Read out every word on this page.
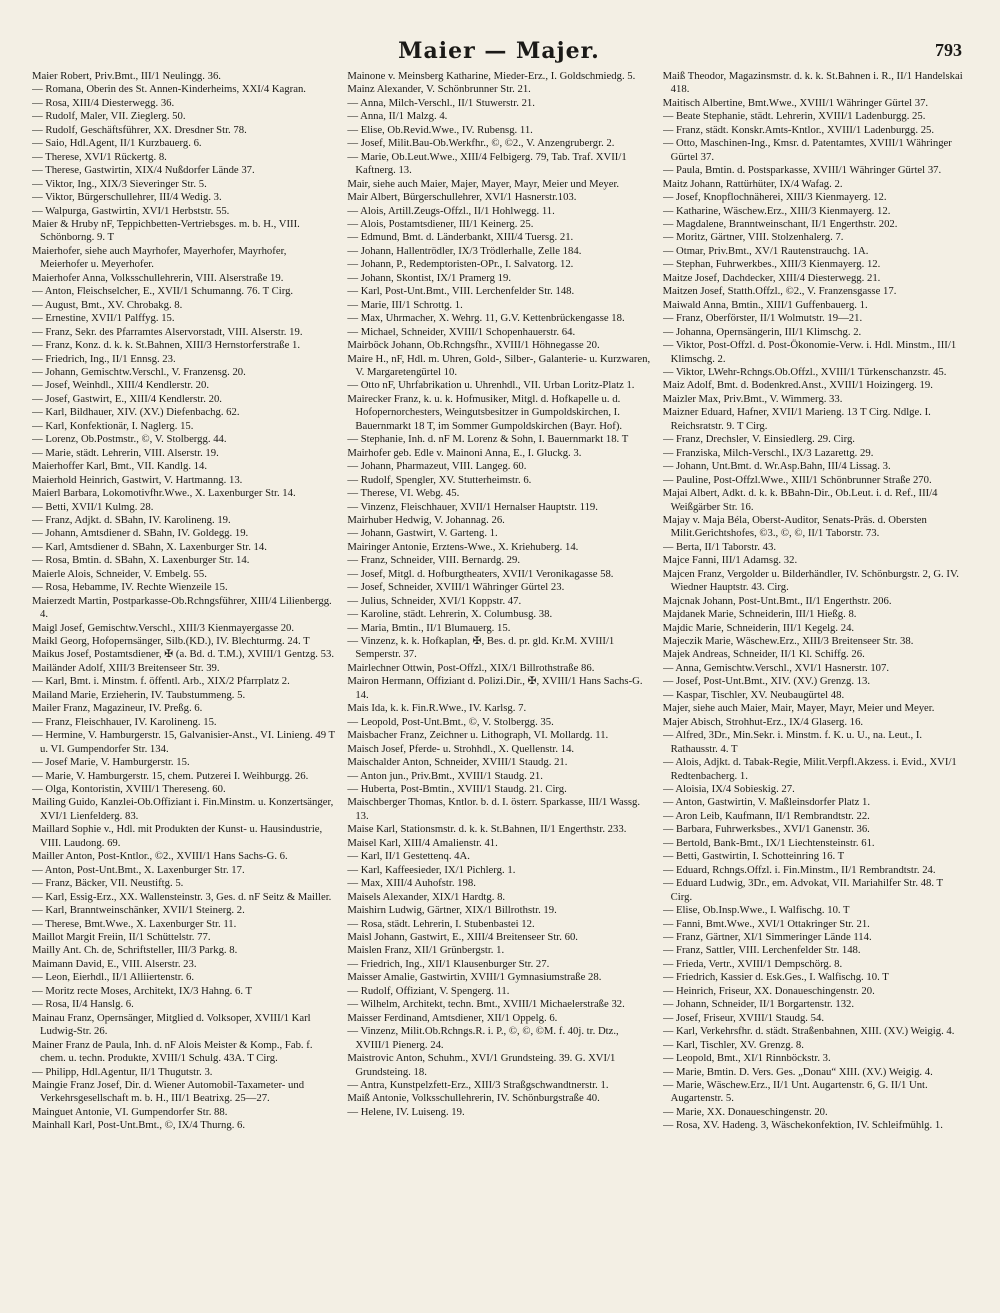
Maier — Majer.	793

Maier Robert, Priv.Bmt., III/1 Neulingg. 36.

— Romana, Oberin des St. Annen-Kinderheims, XXI/4 Kagran.

— Rosa, XIII/4 Diesterwegg. 36.

— Rudolf, Maler, VII. Zieglerg. 50.

— Rudolf, Geschäftsführer, XX. Dresdner Str. 78.

— Saio, Hdl.Agent, II/1 Kurzbauerg. 6.

— Therese, XVI/1 Rückertg. 8.

— Therese, Gastwirtin, XIX/4 Nußdorfer Lände 37.

— Viktor, Ing., XIX/3 Sieveringer Str. 5.

— Viktor, Bürgerschullehrer, III/4 Wedig. 3.

— Walpurga, Gastwirtin, XVI/1 Herbststr. 55.

Maier & Hruby nF, Teppichbetten-Vertriebsges. m. b. H., VIII. Schönborng. 9. T

Maierhofer, siehe auch Mayrhofer, Mayerhofer, Mayrhofer, Meierhofer u. Meyerhofer.

Maierhofer Anna, Volksschullehrerin, VIII. Alserstraße 19.

— Anton, Fleischselcher, E., XVII/1 Schumanng. 76. T Cirg.

— August, Bmt., XV. Chrobakg. 8.

— Ernestine, XVII/1 Palffyg. 15.

— Franz, Sekr. des Pfarramtes Alservorstadt, VIII. Alserstr. 19.

— Franz, Konz. d. k. k. St.Bahnen, XIII/3 Hernstorferstraße 1.

— Friedrich, Ing., II/1 Ennsg. 23.

— Johann, Gemischtw.Verschl., V. Franzensg. 20.

— Josef, Weinhdl., XIII/4 Kendlerstr. 20.

— Josef, Gastwirt, E., XIII/4 Kendlerstr. 20.

— Karl, Bildhauer, XIV. (XV.) Diefenbachg. 62.

— Karl, Konfektionär, I. Naglerg. 15.

— Lorenz, Ob.Postmstr., ©, V. Stolbergg. 44.

— Marie, städt. Lehrerin, VIII. Alserstr. 19.

Maierhoffer Karl, Bmt., VII. Kandlg. 14.

Maierhold Heinrich, Gastwirt, V. Hartmanng. 13.

Maierl Barbara, Lokomotivfhr.Wwe., X. Laxenburger Str. 14.

— Betti, XVII/1 Kulmg. 28.

— Franz, Adjkt. d. SBahn, IV. Karolineng. 19.

— Johann, Amtsdiener d. SBahn, IV. Goldegg. 19.

— Karl, Amtsdiener d. SBahn, X. Laxenburger Str. 14.

— Rosa, Bmtin. d. SBahn, X. Laxenburger Str. 14.

Maierle Alois, Schneider, V. Embelg. 55.

— Rosa, Hebamme, IV. Rechte Wienzeile 15.

Maierzedt Martin, Postparkasse-Ob.Rchngsführer, XIII/4 Lilienbergg. 4.

Maigl Josef, Gemischtw.Verschl., XIII/3 Kienmayergasse 20.

Maikl Georg, Hofopernsänger, Silb.(KD.), IV. Blechturmg. 24. T

Maikus Josef, Postamtsdiener, ✠ (a. Bd. d. T.M.), XVIII/1 Gentzg. 53.

Mailänder Adolf, XIII/3 Breitenseer Str. 39.

— Karl, Bmt. i. Minstm. f. öffentl. Arb., XIX/2 Pfarrplatz 2.

Mailand Marie, Erzieherin, IV. Taubstummeng. 5.

Mailer Franz, Magazineur, IV. Preßg. 6.

— Franz, Fleischhauer, IV. Karolineng. 15.

— Hermine, V. Hamburgerstr. 15, Galvanisier-Anst., VI. Linieng. 49 T u. VI. Gumpendorfer Str. 134.

— Josef Marie, V. Hamburgerstr. 15.

— Marie, V. Hamburgerstr. 15, chem. Putzerei I. Weihburgg. 26.

— Olga, Kontoristin, XVIII/1 Thereseng. 60.

Mailing Guido, Kanzlei-Ob.Offiziant i. Fin.Minstm. u. Konzertsänger, XVI/1 Lienfelderg. 83.

Maillard Sophie v., Hdl. mit Produkten der Kunst- u. Hausindustrie, VIII. Laudong. 69.

Mailler Anton, Post-Kntlor., ©2., XVIII/1 Hans Sachs-G. 6.

— Anton, Post-Unt.Bmt., X. Laxenburger Str. 17.

— Franz, Bäcker, VII. Neustiftg. 5.

— Karl, Essig-Erz., XX. Wallensteinstr. 3, Ges. d. nF Seitz & Mailler.

— Karl, Branntweinschänker, XVII/1 Steinerg. 2.

— Therese, Bmt.Wwe., X. Laxenburger Str. 11.

Maillot Margit Freiin, II/1 Schüttelstr. 77.

Mailly Ant. Ch. de, Schriftsteller, III/3 Parkg. 8.

Maimann David, E., VIII. Alserstr. 23.

— Leon, Eierhdl., II/1 Alliiertenstr. 6.

— Moritz recte Moses, Architekt, IX/3 Hahng. 6. T

— Rosa, II/4 Hanslg. 6.

Mainau Franz, Opernsänger, Mitglied d. Volksoper, XVIII/1 Karl Ludwig-Str. 26.

Mainer Franz de Paula, Inh. d. nF Alois Meister & Komp., Fab. f. chem. u. techn. Produkte, XVIII/1 Schulg. 43A. T Cirg.

— Philipp, Hdl.Agentur, II/1 Thugutstr. 3.

Maingie Franz Josef, Dir. d. Wiener Automobil-Taxameter- und Verkehrsgesellschaft m. b. H., III/1 Beatrixg. 25—27.

Mainguet Antonie, VI. Gumpendorfer Str. 88.

Mainhall Karl, Post-Unt.Bmt., ©, IX/4 Thurng. 6.

Mainone v. Meinsberg Katharine, Mieder-Erz., I. Goldschmiedg. 5.

Mainz Alexander, V. Schönbrunner Str. 21.

— Anna, Milch-Verschl., II/1 Stuwerstr. 21.

— Anna, II/1 Malzg. 4.

— Elise, Ob.Revid.Wwe., IV. Rubensg. 11.

— Josef, Milit.Bau-Ob.Werkfhr., ©, ©2., V. Anzengrubergr. 2.

— Marie, Ob.Leut.Wwe., XIII/4 Felbigerg. 79, Tab. Traf. XVII/1 Kaftnerg. 13.

Mair, siehe auch Maier, Majer, Mayer, Mayr, Meier und Meyer.

Mair Albert, Bürgerschullehrer, XVI/1 Hasnerstr.103.

— Alois, Artill.Zeugs-Offzl., II/1 Hohlwegg. 11.

— Alois, Postamtsdiener, III/1 Keinerg. 25.

— Edmund, Bmt. d. Länderbankt, XIII/4 Tuersg. 21.

— Johann, Hallentrödler, IX/3 Trödlerhalle, Zelle 184.

— Johann, P., Redemptoristen-OPr., I. Salvatorg. 12.

— Johann, Skontist, IX/1 Pramerg 19.

— Karl, Post-Unt.Bmt., VIII. Lerchenfelder Str. 148.

— Marie, III/1 Schrottg. 1.

— Max, Uhrmacher, X. Wehrg. 11, G.V. Kettenbrückengasse 18.

— Michael, Schneider, XVIII/1 Schopenhauerstr. 64.

Mairböck Johann, Ob.Rchngsfhr., XVIII/1 Höhnegasse 20.

Maire H., nF, Hdl. m. Uhren, Gold-, Silber-, Galanterie- u. Kurzwaren, V. Margaretengürtel 10.

— Otto nF, Uhrfabrikation u. Uhrenhdl., VII. Urban Loritz-Platz 1.

Mairecker Franz, k. u. k. Hofmusiker, Mitgl. d. Hofkapelle u. d. Hofopernorchesters, Weingutsbesitzer in Gumpoldskirchen, I. Bauernmarkt 18 T, im Sommer Gumpoldskirchen (Bayr. Hof).

— Stephanie, Inh. d. nF M. Lorenz & Sohn, I. Bauernmarkt 18. T

Mairhofer geb. Edle v. Mainoni Anna, E., I. Gluckg. 3.

— Johann, Pharmazeut, VIII. Langeg. 60.

— Rudolf, Spengler, XV. Stutterheimstr. 6.

— Therese, VI. Webg. 45.

— Vinzenz, Fleischhauer, XVII/1 Hernalser Hauptstr. 119.

Mairhuber Hedwig, V. Johannag. 26.

— Johann, Gastwirt, V. Garteng. 1.

Mairinger Antonie, Erztens-Wwe., X. Kriehuberg. 14.

— Franz, Schneider, VIII. Bernardg. 29.

— Josef, Mitgl. d. Hofburgtheaters, XVII/1 Veronikagasse 58.

— Josef, Schneider, XVIII/1 Währinger Gürtel 23.

— Julius, Schneider, XVI/1 Koppstr. 47.

— Karoline, städt. Lehrerin, X. Columbusg. 38.

— Maria, Bmtin., II/1 Blumauerg. 15.

— Vinzenz, k. k. Hofkaplan, ✠, Bes. d. pr. gld. Kr.M. XVIII/1 Semperstr. 37.

Mairlechner Ottwin, Post-Offzl., XIX/1 Billrothstraße 86.

Mairon Hermann, Offiziant d. Polizi.Dir., ✠, XVIII/1 Hans Sachs-G. 14.

Mais Ida, k. k. Fin.R.Wwe., IV. Karlsg. 7.

— Leopold, Post-Unt.Bmt., ©, V. Stolbergg. 35.

Maisbacher Franz, Zeichner u. Lithograph, VI. Mollardg. 11.

Maisch Josef, Pferde- u. Strohhdl., X. Quellenstr. 14.

Maischalder Anton, Schneider, XVIII/1 Staudg. 21.

— Anton jun., Priv.Bmt., XVIII/1 Staudg. 21.

— Huberta, Post-Bmtin., XVIII/1 Staudg. 21. Cirg.

Maischberger Thomas, Kntlor. b. d. I. österr. Sparkasse, III/1 Wassg. 13.

Maise Karl, Stationsmstr. d. k. k. St.Bahnen, II/1 Engerthstr. 233.

Maisel Karl, XIII/4 Amalienstr. 41.

— Karl, II/1 Gestettenq. 4A.

— Karl, Kaffeesieder, IX/1 Pichlerg. 1.

— Max, XIII/4 Auhofstr. 198.

Maisels Alexander, XIX/1 Hardtg. 8.

Maishirn Ludwig, Gärtner, XIX/1 Billrothstr. 19.

— Rosa, städt. Lehrerin, I. Stubenbastei 12.

Maisl Johann, Gastwirt, E., XIII/4 Breitenseer Str. 60.

Maislen Franz, XII/1 Grünbergstr. 1.

— Friedrich, Ing., XII/1 Klausenburger Str. 27.

Maisser Amalie, Gastwirtin, XVIII/1 Gymnasiumstraße 28.

— Rudolf, Offiziant, V. Spengerg. 11.

— Wilhelm, Architekt, techn. Bmt., XVIII/1 Michaelerstraße 32.

Maisser Ferdinand, Amtsdiener, XII/1 Oppelg. 6.

— Vinzenz, Milit.Ob.Rchngs.R. i. P., ©, ©, ©M. f. 40j. tr. Dtz., XVIII/1 Pienerg. 24.

Maistrovic Anton, Schuhm., XVI/1 Grundsteing. 39. G. XVI/1 Grundsteing. 18.

— Antra, Kunstpelzfett-Erz., XIII/3 Straßgschwandtnerstr. 1.

Maiß Antonie, Volksschullehrerin, IV. Schönburgstraße 40.

— Helene, IV. Luiseng. 19.

Maiß Theodor, Magazinsmstr. d. k. k. St.Bahnen i. R., II/1 Handelskai 418.

Maitisch Albertine, Bmt.Wwe., XVIII/1 Währinger Gürtel 37.

— Beate Stephanie, städt. Lehrerin, XVIII/1 Ladenburgg. 25.

— Franz, städt. Konskr.Amts-Kntlor., XVIII/1 Ladenburgg. 25.

— Otto, Maschinen-Ing., Kmsr. d. Patentamtes, XVIII/1 Währinger Gürtel 37.

— Paula, Bmtin. d. Postsparkasse, XVIII/1 Währinger Gürtel 37.

Maitz Johann, Rattürhüter, IX/4 Wafag. 2.

— Josef, Knopflochnäherei, XIII/3 Kienmayerg. 12.

— Katharine, Wäschew.Erz., XIII/3 Kienmayerg. 12.

— Magdalene, Branntweinschant, II/1 Engerthstr. 202.

— Moritz, Gärtner, VIII. Stolzenhalerg. 7.

— Otmar, Priv.Bmt., XV/1 Rautenstrauchg. 1A.

— Stephan, Fuhrwerkbes., XIII/3 Kienmayerg. 12.

Maitze Josef, Dachdecker, XIII/4 Diesterwegg. 21.

Maitzen Josef, Statth.Offzl., ©2., V. Franzensgasse 17.

Maiwald Anna, Bmtin., XIII/1 Guffenbauerg. 1.

— Franz, Oberförster, II/1 Wolmutstr. 19—21.

— Johanna, Opernsängerin, III/1 Klimschg. 2.

— Viktor, Post-Offzl. d. Post-Ökonomie-Verw. i. Hdl. Minstm., III/1 Klimschg. 2.

— Viktor, LWehr-Rchngs.Ob.Offzl., XVIII/1 Türkenschanzstr. 45.

Maiz Adolf, Bmt. d. Bodenkred.Anst., XVIII/1 Hoizingerg. 19.

Maizler Max, Priv.Bmt., V. Wimmerg. 33.

Maizner Eduard, Hafner, XVII/1 Marieng. 13 T Cirg. Ndlge. I. Reichsratstr. 9. T Cirg.

— Franz, Drechsler, V. Einsiedlerg. 29. Cirg.

— Franziska, Milch-Verschl., IX/3 Lazarettg. 29.

— Johann, Unt.Bmt. d. Wr.Asp.Bahn, III/4 Lissag. 3.

— Pauline, Post-Offzl.Wwe., XIII/1 Schönbrunner Straße 270.

Majai Albert, Adkt. d. k. k. BBahn-Dir., Ob.Leut. i. d. Ref., III/4 Weißgärber Str. 16.

Majay v. Maja Béla, Oberst-Auditor, Senats-Präs. d. Obersten Milit.Gerichtshofes, ©3., ©, ©, II/1 Taborstr. 73.

— Berta, II/1 Taborstr. 43.

Majce Fanni, III/1 Adamsg. 32.

Majcen Franz, Vergolder u. Bilderhändler, IV. Schönburgstr. 2, G. IV. Wiedner Hauptstr. 43. Cirg.

Majcnak Johann, Post-Unt.Bmt., II/1 Engerthstr. 206.

Majdanek Marie, Schneiderin, III/1 Hießg. 8.

Majdic Marie, Schneiderin, III/1 Kegelg. 24.

Majeczik Marie, Wäschew.Erz., XIII/3 Breitenseer Str. 38.

Majek Andreas, Schneider, II/1 Kl. Schiffg. 26.

— Anna, Gemischtw.Verschl., XVI/1 Hasnerstr. 107.

— Josef, Post-Unt.Bmt., XIV. (XV.) Grenzg. 13.

— Kaspar, Tischler, XV. Neubaugürtel 48.

Majer, siehe auch Maier, Mair, Mayer, Mayr, Meier und Meyer.

Majer Abisch, Strohhut-Erz., IX/4 Glaserg. 16.

— Alfred, 3Dr., Min.Sekr. i. Minstm. f. K. u. U., na. Leut., I. Rathausstr. 4. T

— Alois, Adjkt. d. Tabak-Regie, Milit.Verpfl.Akzess. i. Evid., XVI/1 Redtenbacherg. 1.

— Aloisia, IX/4 Sobieskig. 27.

— Anton, Gastwirtin, V. Maßleinsdorfer Platz 1.

— Aron Leib, Kaufmann, II/1 Rembrandtstr. 22.

— Barbara, Fuhrwerksbes., XVI/1 Ganenstr. 36.

— Bertold, Bank-Bmt., IX/1 Liechtensteinstr. 61.

— Betti, Gastwirtin, I. Schotteinring 16. T

— Eduard, Rchngs.Offzl. i. Fin.Minstm., II/1 Rembrandtstr. 24.

— Eduard Ludwig, 3Dr., em. Advokat, VII. Mariahilfer Str. 48. T Cirg.

— Elise, Ob.Insp.Wwe., I. Walfischg. 10. T

— Fanni, Bmt.Wwe., XVI/1 Ottakringer Str. 21.

— Franz, Gärtner, XI/1 Simmeringer Lände 114.

— Franz, Sattler, VIII. Lerchenfelder Str. 148.

— Frieda, Vertr., XVIII/1 Dempschörg. 8.

— Friedrich, Kassier d. Esk.Ges., I. Walfischg. 10. T

— Heinrich, Friseur, XX. Donaueschingenstr. 20.

— Johann, Schneider, II/1 Borgartenstr. 132.

— Josef, Friseur, XVIII/1 Staudg. 54.

— Karl, Verkehrsfhr. d. städt. Straßenbahnen, XIII. (XV.) Weigig. 4.

— Karl, Tischler, XV. Grenzg. 8.

— Leopold, Bmt., XI/1 Rinnböckstr. 3.

— Marie, Bmtin. D. Vers. Ges. „Donau“ XIII. (XV.) Weigig. 4.

— Marie, Wäschew.Erz., II/1 Unt. Augartenstr. 6, G. II/1 Unt. Augartenstr. 5.

— Marie, XX. Donaueschingenstr. 20.

— Rosa, XV. Hadeng. 3, Wäschekonfektion, IV. Schleifmühlg. 1.
